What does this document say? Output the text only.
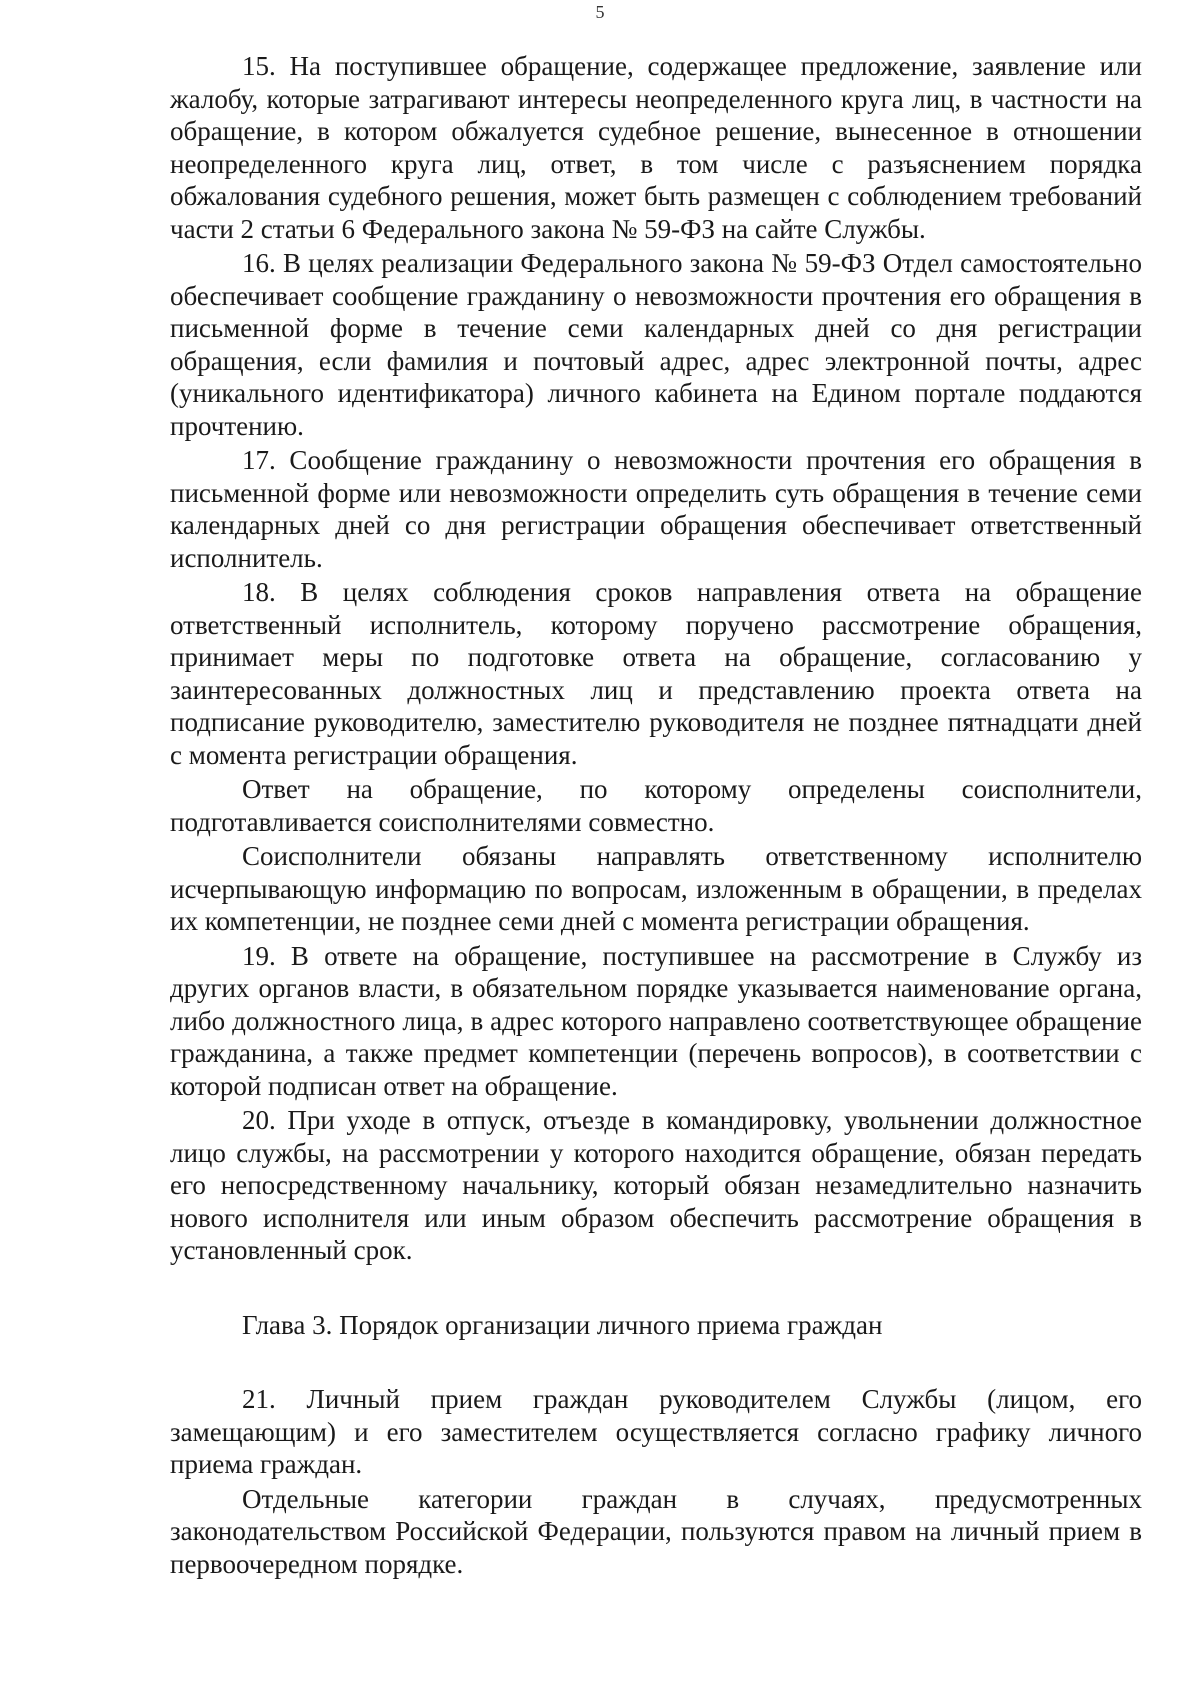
5

15. На поступившее обращение, содержащее предложение, заявление или жалобу, которые затрагивают интересы неопределенного круга лиц, в частности на обращение, в котором обжалуется судебное решение, вынесенное в отношении неопределенного круга лиц, ответ, в том числе с разъяснением порядка обжалования судебного решения, может быть размещен с соблюдением требований части 2 статьи 6 Федерального закона № 59-ФЗ на сайте Службы.

16. В целях реализации Федерального закона № 59-ФЗ Отдел самостоятельно обеспечивает сообщение гражданину о невозможности прочтения его обращения в письменной форме в течение семи календарных дней со дня регистрации обращения, если фамилия и почтовый адрес, адрес электронной почты, адрес (уникального идентификатора) личного кабинета на Едином портале поддаются прочтению.

17. Сообщение гражданину о невозможности прочтения его обращения в письменной форме или невозможности определить суть обращения в течение семи календарных дней со дня регистрации обращения обеспечивает ответственный исполнитель.

18. В целях соблюдения сроков направления ответа на обращение ответственный исполнитель, которому поручено рассмотрение обращения, принимает меры по подготовке ответа на обращение, согласованию у заинтересованных должностных лиц и представлению проекта ответа на подписание руководителю, заместителю руководителя не позднее пятнадцати дней с момента регистрации обращения.

Ответ на обращение, по которому определены соисполнители, подготавливается соисполнителями совместно.

Соисполнители обязаны направлять ответственному исполнителю исчерпывающую информацию по вопросам, изложенным в обращении, в пределах их компетенции, не позднее семи дней с момента регистрации обращения.

19. В ответе на обращение, поступившее на рассмотрение в Службу из других органов власти, в обязательном порядке указывается наименование органа, либо должностного лица, в адрес которого направлено соответствующее обращение гражданина, а также предмет компетенции (перечень вопросов), в соответствии с которой подписан ответ на обращение.

20. При уходе в отпуск, отъезде в командировку, увольнении должностное лицо службы, на рассмотрении у которого находится обращение, обязан передать его непосредственному начальнику, который обязан незамедлительно назначить нового исполнителя или иным образом обеспечить рассмотрение обращения в установленный срок.

Глава 3. Порядок организации личного приема граждан

21. Личный прием граждан руководителем Службы (лицом, его замещающим) и его заместителем осуществляется согласно графику личного приема граждан.

Отдельные категории граждан в случаях, предусмотренных законодательством Российской Федерации, пользуются правом на личный прием в первоочередном порядке.
